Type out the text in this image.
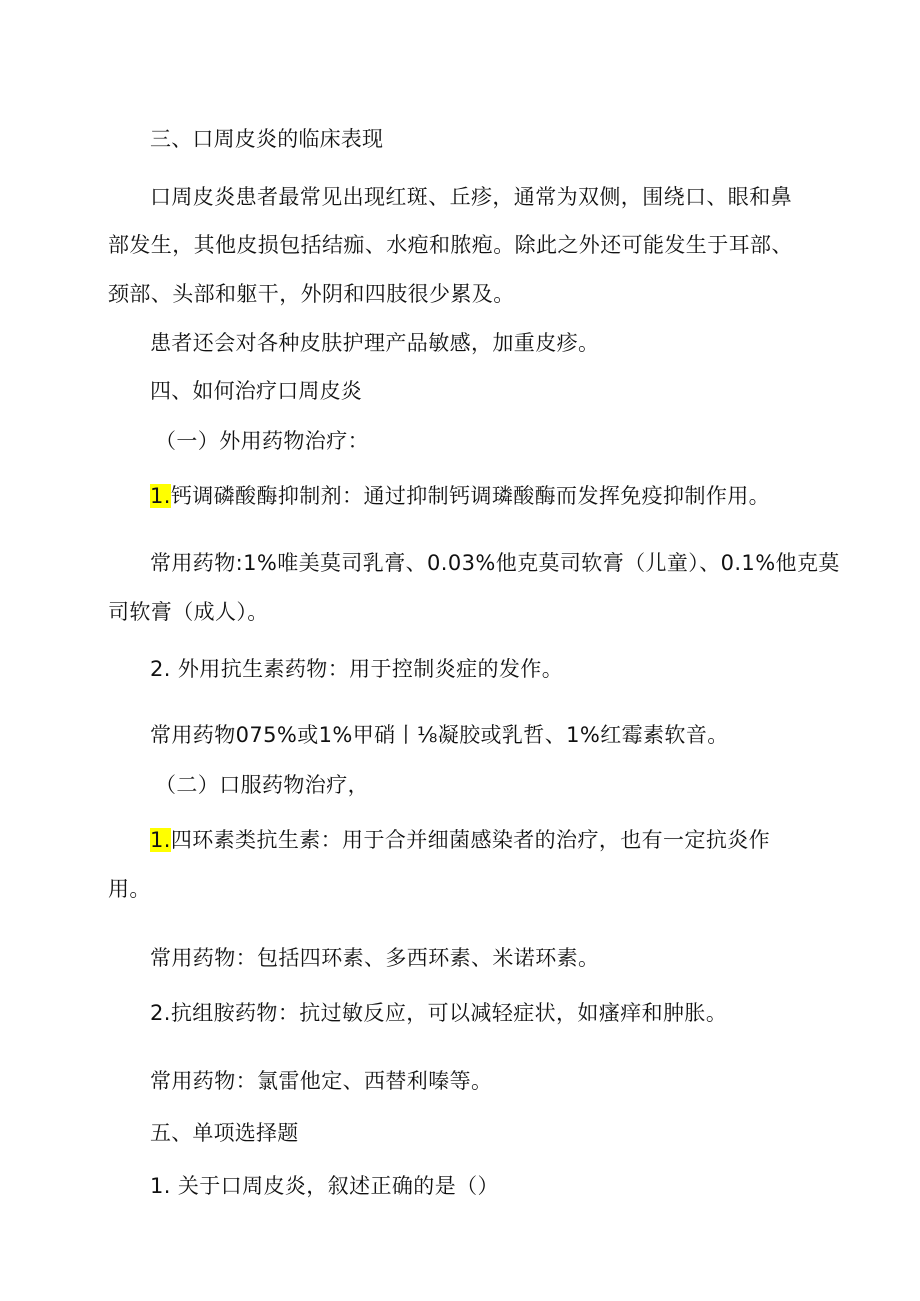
三、口周皮炎的临床表现
口周皮炎患者最常见出现红斑、丘疹，通常为双侧，围绕口、眼和鼻
部发生，其他皮损包括结痂、水疱和脓疱。除此之外还可能发生于耳部、
颈部、头部和躯干，外阴和四肢很少累及。
患者还会对各种皮肤护理产品敏感，加重皮疹。
四、如何治疗口周皮炎
（一）外用药物治疗：
1.钙调磷酸酶抑制剂：通过抑制钙调璘酸酶而发挥免疫抑制作用。
常用药物:1%唯美莫司乳膏、0.03%他克莫司软膏（儿童）、0.1%他克莫
司软膏（成人）。
2. 外用抗生素药物：用于控制炎症的发作。
常用药物075%或1%甲硝丨⅛凝胶或乳哲、1%红霉素软音。
（二）口服药物治疗，
1.四环素类抗生素：用于合并细菌感染者的治疗，也有一定抗炎作
用。
常用药物：包括四环素、多西环素、米诺环素。
2.抗组胺药物：抗过敏反应，可以减轻症状，如瘙痒和肿胀。
常用药物：氯雷他定、西替利嗪等。
五、单项选择题
1. 关于口周皮炎，叙述正确的是（）
